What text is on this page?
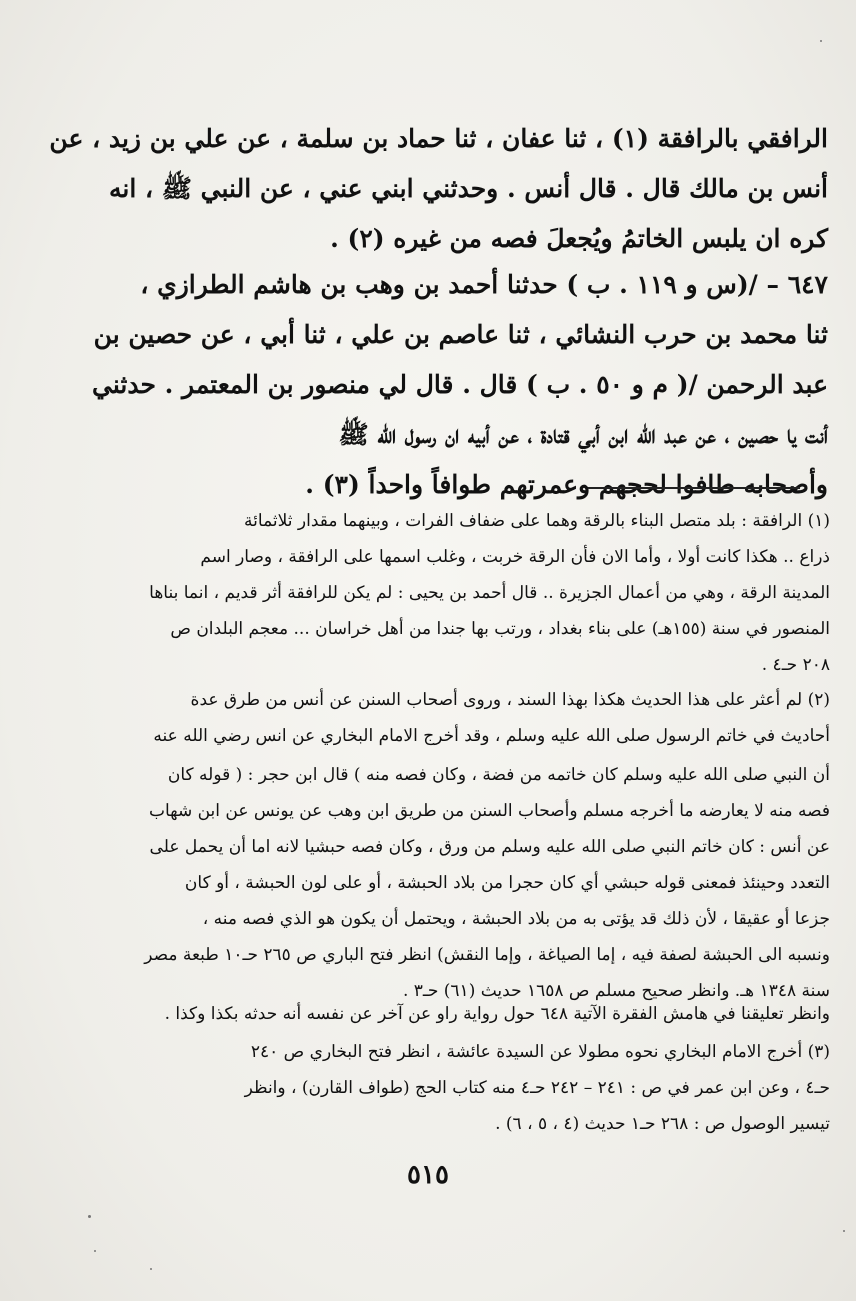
الرافقي بالرافقة (١) ، ثنا عفان ، ثنا حماد بن سلمة ، عن علي بن زيد ، عن
أنس بن مالك قال . قال أنس . وحدثني ابني عني ، عن النبي ﷺ ، انه
كره ان يلبس الخاتمُ ويُجعلَ فصه من غيره (٢) .
٦٤٧ – /(س و ١١٩ . ب ) حدثنا أحمد بن وهب بن هاشم الطرازي ،
ثنا محمد بن حرب النشائي ، ثنا عاصم بن علي ، ثنا أبي ، عن حصين بن
عبد الرحمن /( م و ٥٠ . ب ) قال . قال لي منصور بن المعتمر . حدثني
أنت يا حصين ، عن عبد الله ابن أبي قتادة ، عن أبيه ان رسول الله ﷺ
وأصحابه طافوا لحجهم وعمرتهم طوافاً واحداً (٣) .
(١) الرافقة : بلد متصل البناء بالرقة وهما على ضفاف الفرات ، وبينهما مقدار ثلاثمائة
ذراع .. هكذا كانت أولا ، وأما الان فأن الرقة خربت ، وغلب اسمها على الرافقة ، وصار اسم
المدينة الرقة ، وهي من أعمال الجزيرة .. قال أحمد بن يحيى : لم يكن للرافقة أثر قديم ، انما بناها
المنصور في سنة (١٥٥هـ) على بناء بغداد ، ورتب بها جندا من أهل خراسان ... معجم البلدان ص
٢٠٨ حـ٤ .
(٢) لم أعثر على هذا الحديث هكذا بهذا السند ، وروى أصحاب السنن عن أنس من طرق عدة
أحاديث في خاتم الرسول صلى الله عليه وسلم ، وقد أخرج الامام البخاري عن انس رضي الله عنه
أن النبي صلى الله عليه وسلم كان خاتمه من فضة ، وكان فصه منه ) قال ابن حجر : ( قوله كان
فصه منه لا يعارضه ما أخرجه مسلم وأصحاب السنن من طريق ابن وهب عن يونس عن ابن شهاب
عن أنس : كان خاتم النبي صلى الله عليه وسلم من ورق ، وكان فصه حبشيا لانه اما أن يحمل على
التعدد وحينئذ فمعنى قوله حبشي أي كان حجرا من بلاد الحبشة ، أو على لون الحبشة ، أو كان
جزعا أو عقيقا ، لأن ذلك قد يؤتى به من بلاد الحبشة ، ويحتمل أن يكون هو الذي فصه منه ،
ونسبه الى الحبشة لصفة فيه ، إما الصياغة ، وإما النقش) انظر فتح الباري ص ٢٦٥ حـ١٠ طبعة مصر
سنة ١٣٤٨ هـ. وانظر صحيح مسلم ص ١٦٥٨ حديث (٦١) حـ٣ .
وانظر تعليقنا في هامش الفقرة الآتية ٦٤٨ حول رواية راو عن آخر عن نفسه أنه حدثه بكذا وكذا .
(٣) أخرج الامام البخاري نحوه مطولا عن السيدة عائشة ، انظر فتح البخاري ص ٢٤٠
حـ٤ ، وعن ابن عمر في ص : ٢٤١ – ٢٤٢ حـ٤ منه كتاب الحج (طواف القارن) ، وانظر
تيسير الوصول ص : ٢٦٨ حـ١ حديث (٤ ، ٥ ، ٦) .
٥١٥
